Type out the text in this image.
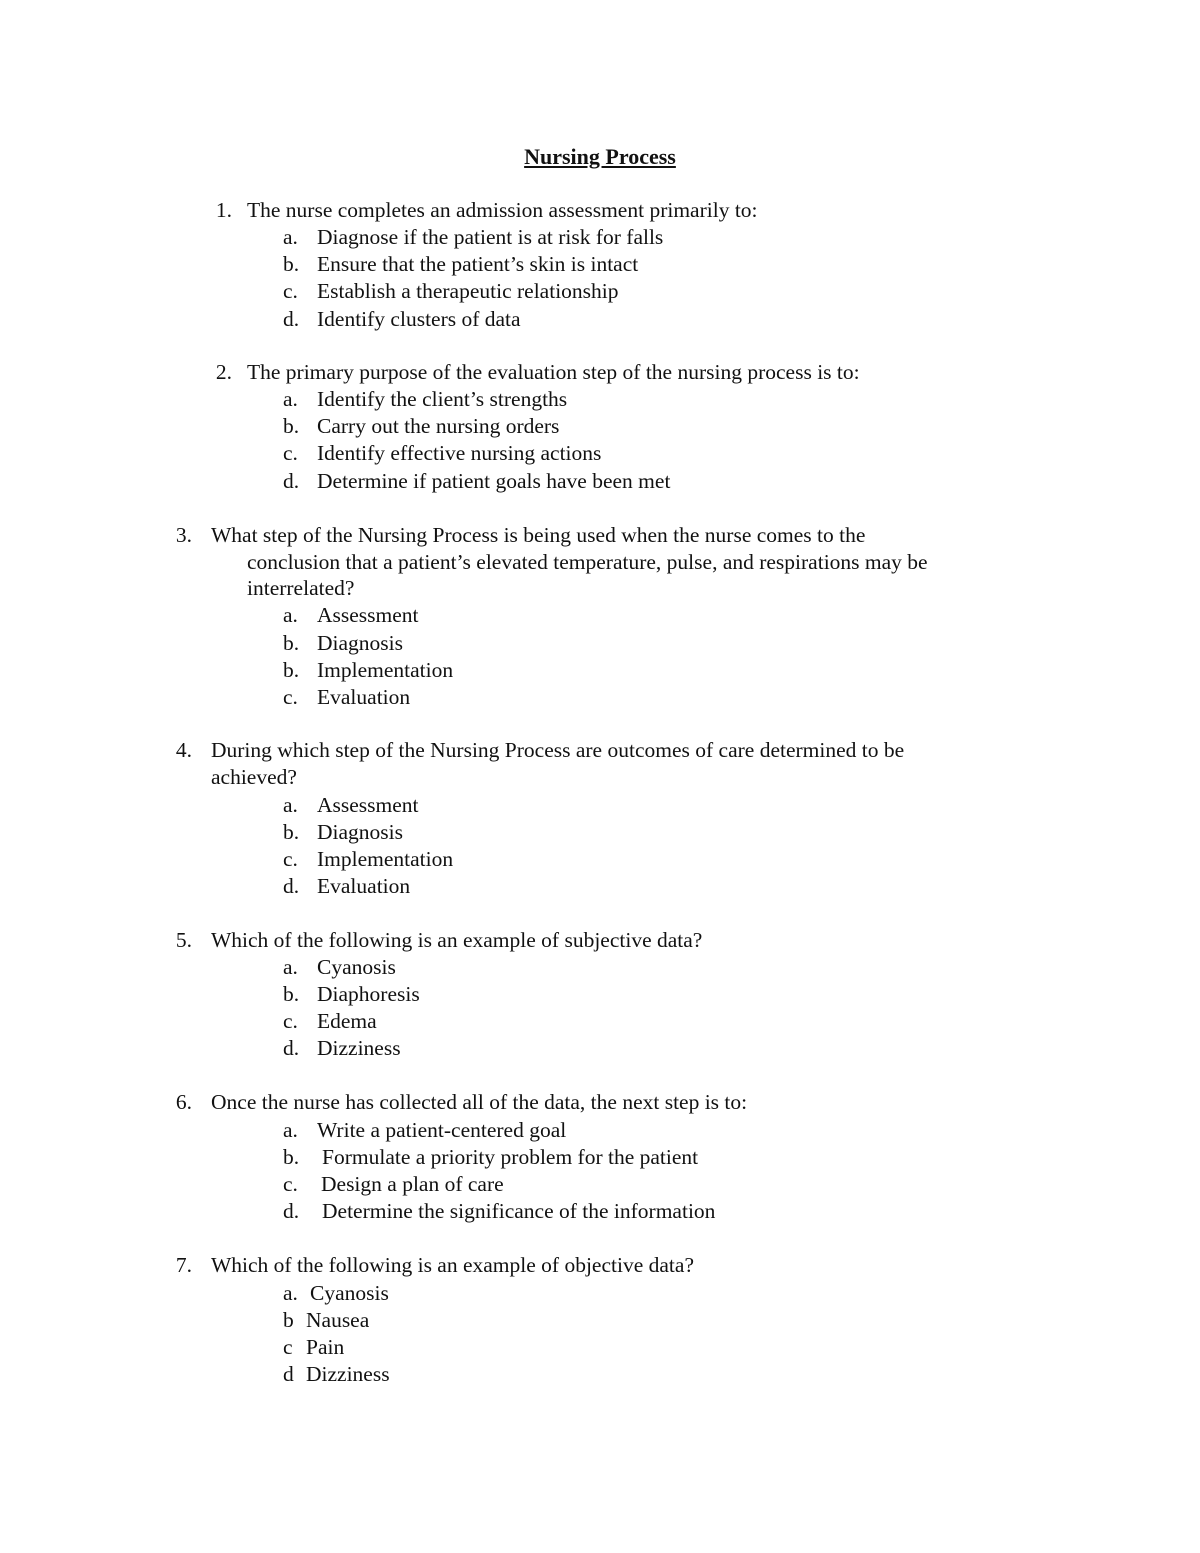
Nursing Process
1. The nurse completes an admission assessment primarily to:
a. Diagnose if the patient is at risk for falls
b. Ensure that the patient’s skin is intact
c. Establish a therapeutic relationship
d. Identify clusters of data
2. The primary purpose of the evaluation step of the nursing process is to:
a. Identify the client’s strengths
b. Carry out the nursing orders
c. Identify effective nursing actions
d. Determine if patient goals have been met
3. What step of the Nursing Process is being used when the nurse comes to the
conclusion that a patient’s elevated temperature, pulse, and respirations may be
interrelated?
a. Assessment
b. Diagnosis
b. Implementation
c. Evaluation
4. During which step of the Nursing Process are outcomes of care determined to be
achieved?
a. Assessment
b. Diagnosis
c. Implementation
d. Evaluation
5. Which of the following is an example of subjective data?
a. Cyanosis
b. Diaphoresis
c. Edema
d. Dizziness
6. Once the nurse has collected all of the data, the next step is to:
a. Write a patient-centered goal
b. Formulate a priority problem for the patient
c. Design a plan of care
d. Determine the significance of the information
7. Which of the following is an example of objective data?
a. Cyanosis
b Nausea
c Pain
d Dizziness
